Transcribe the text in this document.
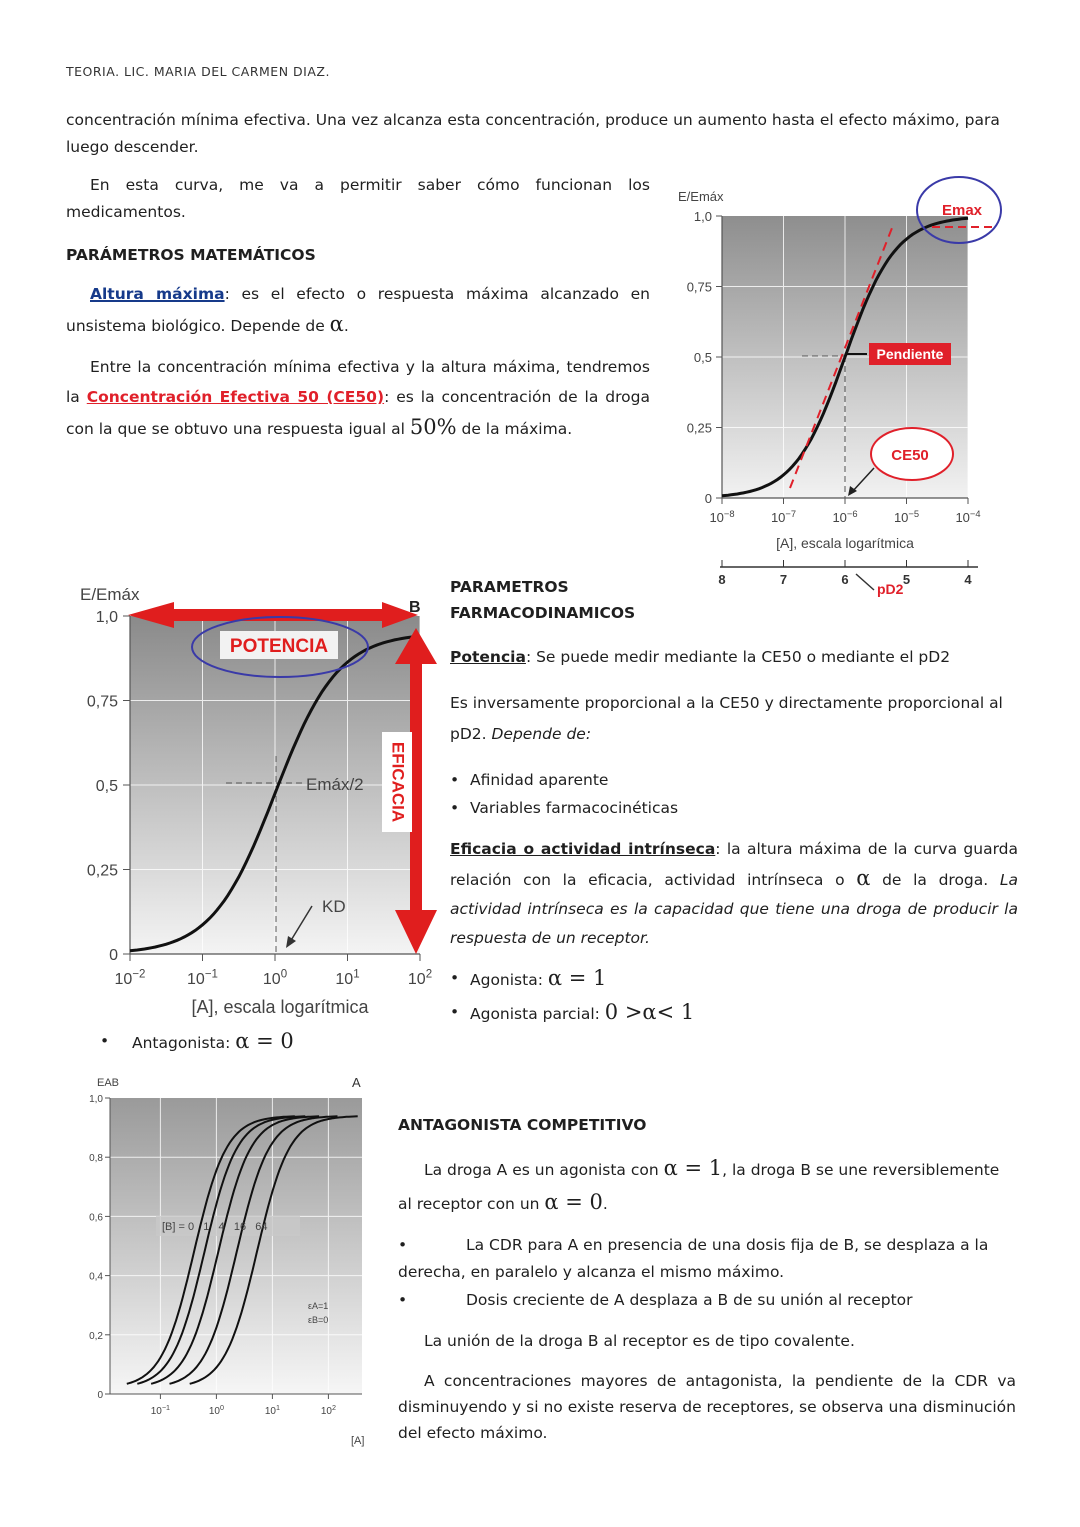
TEORIA. LIC. MARIA DEL CARMEN DIAZ.
concentración mínima efectiva. Una vez alcanza esta concentración, produce un aumento hasta el efecto máximo, para luego descender.
En esta curva, me va a permitir saber cómo funcionan los medicamentos.
PARÁMETROS MATEMÁTICOS
Altura máxima: es el efecto o respuesta máxima alcanzado en unsistema biológico. Depende de α.
Entre la concentración mínima efectiva y la altura máxima, tendremos la Concentración Efectiva 50 (CE50): es la concentración de la droga con la que se obtuvo una respuesta igual al 50% de la máxima.
0
0,25
0,5
0,75
1,0
$10^{-8}$	$10^{-7}$	$10^{-6}$	$10^{-5}$	$10^{-4}$
E/Emáx
[A], escala logarítmica
Emax
Pendiente
CE50
8	7	6	5	4
pD2
0
0,25
0,5
0,75
1,0
$10^{-2}$	$10^{-1}$	$10^0$	$10^1$	$10^2$
E/Emáx
[A], escala logarítmica
Emáx/2
KD
POTENCIA
B
EFICACIA
PARAMETROS
FARMACODINAMICOS
Potencia: Se puede medir mediante la CE50 o mediante el pD2
Es inversamente proporcional a la CE50 y directamente proporcional al pD2. Depende de:
• Afinidad aparente
• Variables farmacocinéticas
Eficacia o actividad intrínseca: la altura máxima de la curva guarda relación con la eficacia, actividad intrínseca o α de la droga. La actividad intrínseca es la capacidad que tiene una droga de producir la respuesta de un receptor.
• Agonista: α = 1
• Agonista parcial: 0 >α< 1
• Antagonista: α = 0
0
0,2
0,4
0,6
0,8
1,0
$10^{-1}$	$10^0$	$10^1$	$10^2$
EAB	A
[A]
[B] = 0   1   4   16   64
εA=1
εB=0
ANTAGONISTA COMPETITIVO
La droga A es un agonista con α = 1, la droga B se une reversiblemente al receptor con un α = 0.
•	La CDR para A en presencia de una dosis fija de B, se desplaza a la derecha, en paralelo y alcanza el mismo máximo.
•	Dosis creciente de A desplaza a B de su unión al receptor
La unión de la droga B al receptor es de tipo covalente.
A concentraciones mayores de antagonista, la pendiente de la CDR va disminuyendo y si no existe reserva de receptores, se observa una disminución del efecto máximo.
